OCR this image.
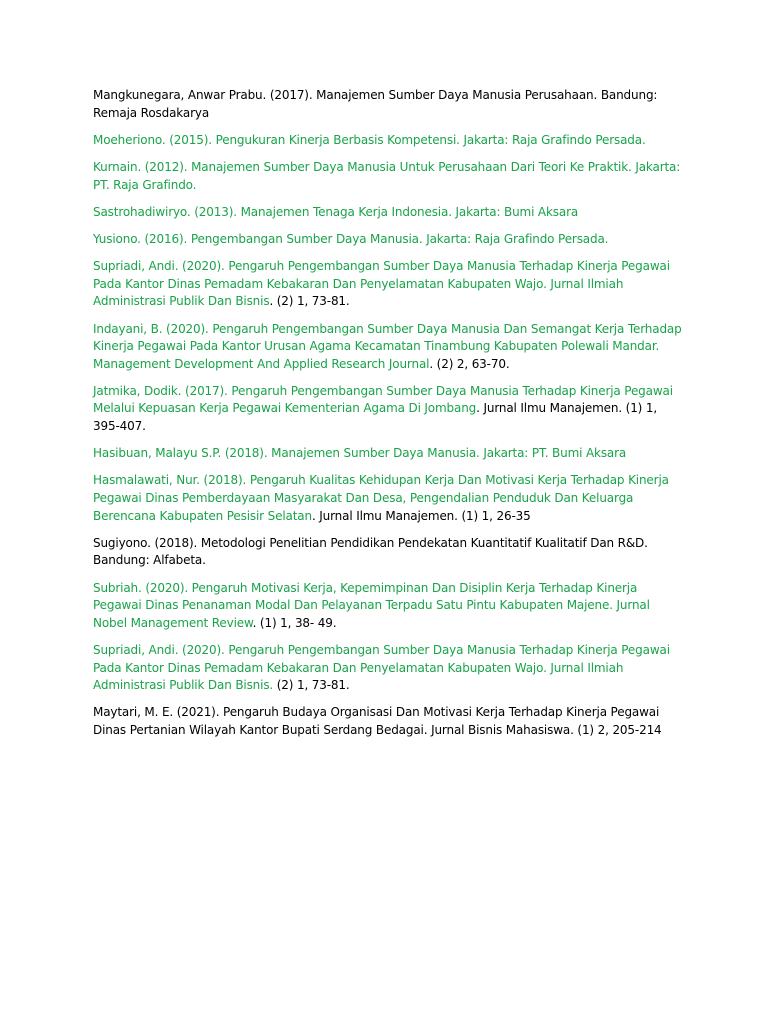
Mangkunegara, Anwar Prabu. (2017). Manajemen Sumber Daya Manusia Perusahaan. Bandung: Remaja Rosdakarya

Moeheriono. (2015). Pengukuran Kinerja Berbasis Kompetensi. Jakarta: Raja Grafindo Persada.

Kurnain. (2012). Manajemen Sumber Daya Manusia Untuk Perusahaan Dari Teori Ke Praktik. Jakarta: PT. Raja Grafindo.

Sastrohadiwiryo. (2013). Manajemen Tenaga Kerja Indonesia. Jakarta: Bumi Aksara

Yusiono. (2016). Pengembangan Sumber Daya Manusia. Jakarta: Raja Grafindo Persada.

Supriadi, Andi. (2020). Pengaruh Pengembangan Sumber Daya Manusia Terhadap Kinerja Pegawai Pada Kantor Dinas Pemadam Kebakaran Dan Penyelamatan Kabupaten Wajo. Jurnal Ilmiah Administrasi Publik Dan Bisnis. (2) 1, 73-81.

Indayani, B. (2020). Pengaruh Pengembangan Sumber Daya Manusia Dan Semangat Kerja Terhadap Kinerja Pegawai Pada Kantor Urusan Agama Kecamatan Tinambung Kabupaten Polewali Mandar. Management Development And Applied Research Journal. (2) 2, 63-70.

Jatmika, Dodik. (2017). Pengaruh Pengembangan Sumber Daya Manusia Terhadap Kinerja Pegawai Melalui Kepuasan Kerja Pegawai Kementerian Agama Di Jombang. Jurnal Ilmu Manajemen. (1) 1, 395-407.

Hasibuan, Malayu S.P. (2018). Manajemen Sumber Daya Manusia. Jakarta: PT. Bumi Aksara

Hasmalawati, Nur. (2018). Pengaruh Kualitas Kehidupan Kerja Dan Motivasi Kerja Terhadap Kinerja Pegawai Dinas Pemberdayaan Masyarakat Dan Desa, Pengendalian Penduduk Dan Keluarga Berencana Kabupaten Pesisir Selatan. Jurnal Ilmu Manajemen. (1) 1, 26-35

Sugiyono. (2018). Metodologi Penelitian Pendidikan Pendekatan Kuantitatif Kualitatif Dan R&D. Bandung: Alfabeta.

Subriah. (2020). Pengaruh Motivasi Kerja, Kepemimpinan Dan Disiplin Kerja Terhadap Kinerja Pegawai Dinas Penanaman Modal Dan Pelayanan Terpadu Satu Pintu Kabupaten Majene. Jurnal Nobel Management Review. (1) 1, 38- 49.

Supriadi, Andi. (2020). Pengaruh Pengembangan Sumber Daya Manusia Terhadap Kinerja Pegawai Pada Kantor Dinas Pemadam Kebakaran Dan Penyelamatan Kabupaten Wajo. Jurnal Ilmiah Administrasi Publik Dan Bisnis. (2) 1, 73-81.

Maytari, M. E. (2021). Pengaruh Budaya Organisasi Dan Motivasi Kerja Terhadap Kinerja Pegawai Dinas Pertanian Wilayah Kantor Bupati Serdang Bedagai. Jurnal Bisnis Mahasiswa. (1) 2, 205-214
